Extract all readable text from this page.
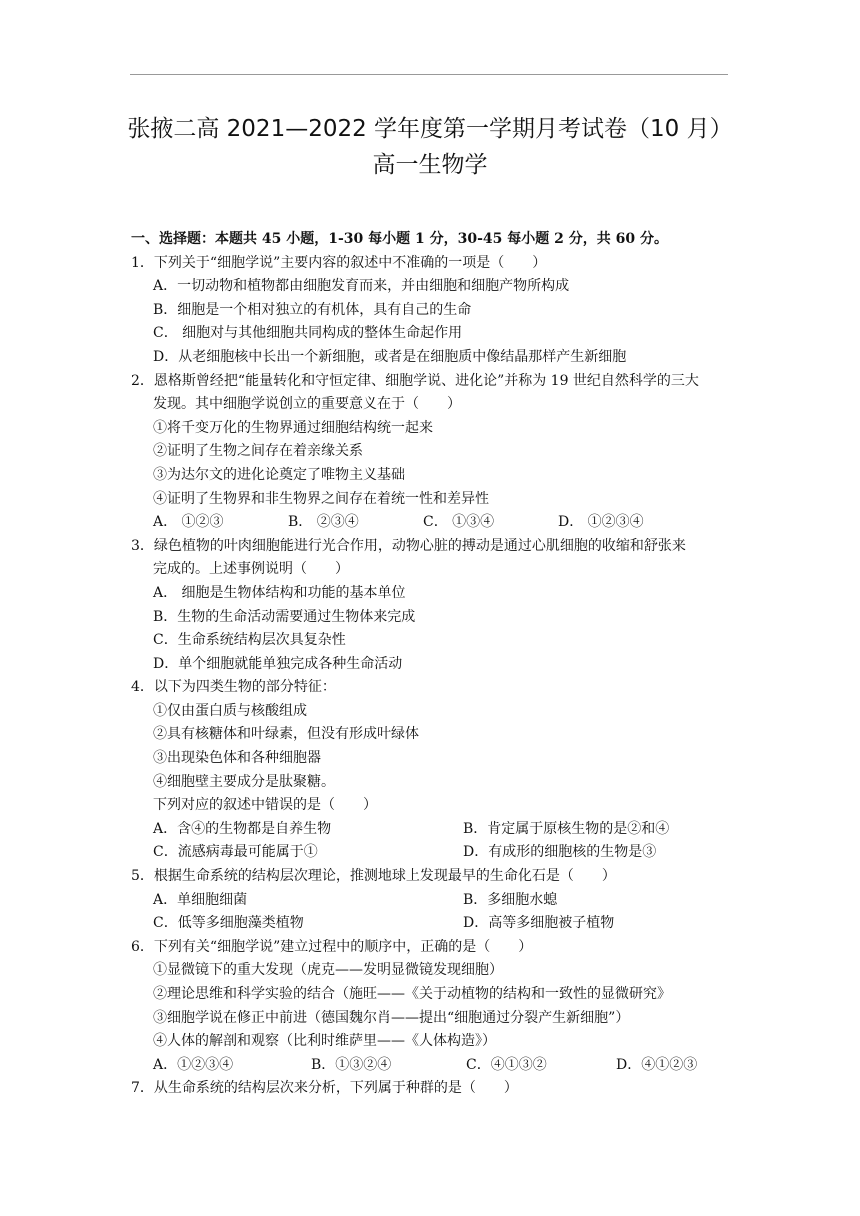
张掖二高 2021—2022 学年度第一学期月考试卷（10 月）
高一生物学
一、选择题：本题共 45 小题，1-30 每小题 1 分，30-45 每小题 2 分，共 60 分。
1．下列关于“细胞学说”主要内容的叙述中不准确的一项是（　　）
A．一切动物和植物都由细胞发育而来，并由细胞和细胞产物所构成
B．细胞是一个相对独立的有机体，具有自己的生命
C． 细胞对与其他细胞共同构成的整体生命起作用
D．从老细胞核中长出一个新细胞，或者是在细胞质中像结晶那样产生新细胞
2．恩格斯曾经把“能量转化和守恒定律、细胞学说、进化论”并称为 19 世纪自然科学的三大
发现。其中细胞学说创立的重要意义在于（　　）
①将千变万化的生物界通过细胞结构统一起来
②证明了生物之间存在着亲缘关系
③为达尔文的进化论奠定了唯物主义基础
④证明了生物界和非生物界之间存在着统一性和差异性
A． ①②③	B． ②③④	C． ①③④	D． ①②③④
3．绿色植物的叶肉细胞能进行光合作用，动物心脏的搏动是通过心肌细胞的收缩和舒张来
完成的。上述事例说明（　　）
A． 细胞是生物体结构和功能的基本单位
B．生物的生命活动需要通过生物体来完成
C．生命系统结构层次具复杂性
D．单个细胞就能单独完成各种生命活动
4．以下为四类生物的部分特征：
①仅由蛋白质与核酸组成
②具有核糖体和叶绿素，但没有形成叶绿体
③出现染色体和各种细胞器
④细胞壁主要成分是肽聚糖。
下列对应的叙述中错误的是（　　）
A．含④的生物都是自养生物	B．肯定属于原核生物的是②和④
C．流感病毒最可能属于①	D．有成形的细胞核的生物是③
5．根据生命系统的结构层次理论，推测地球上发现最早的生命化石是（　　）
A．单细胞细菌	B．多细胞水螅
C．低等多细胞藻类植物	D．高等多细胞被子植物
6．下列有关“细胞学说”建立过程中的顺序中，正确的是（　　）
①显微镜下的重大发现（虎克——发明显微镜发现细胞）
②理论思维和科学实验的结合（施旺——《关于动植物的结构和一致性的显微研究》
③细胞学说在修正中前进（德国魏尔肖——提出“细胞通过分裂产生新细胞”）
④人体的解剖和观察（比利时维萨里——《人体构造》）
A．①②③④	B．①③②④	C．④①③②	D．④①②③
7．从生命系统的结构层次来分析，下列属于种群的是（　　）
